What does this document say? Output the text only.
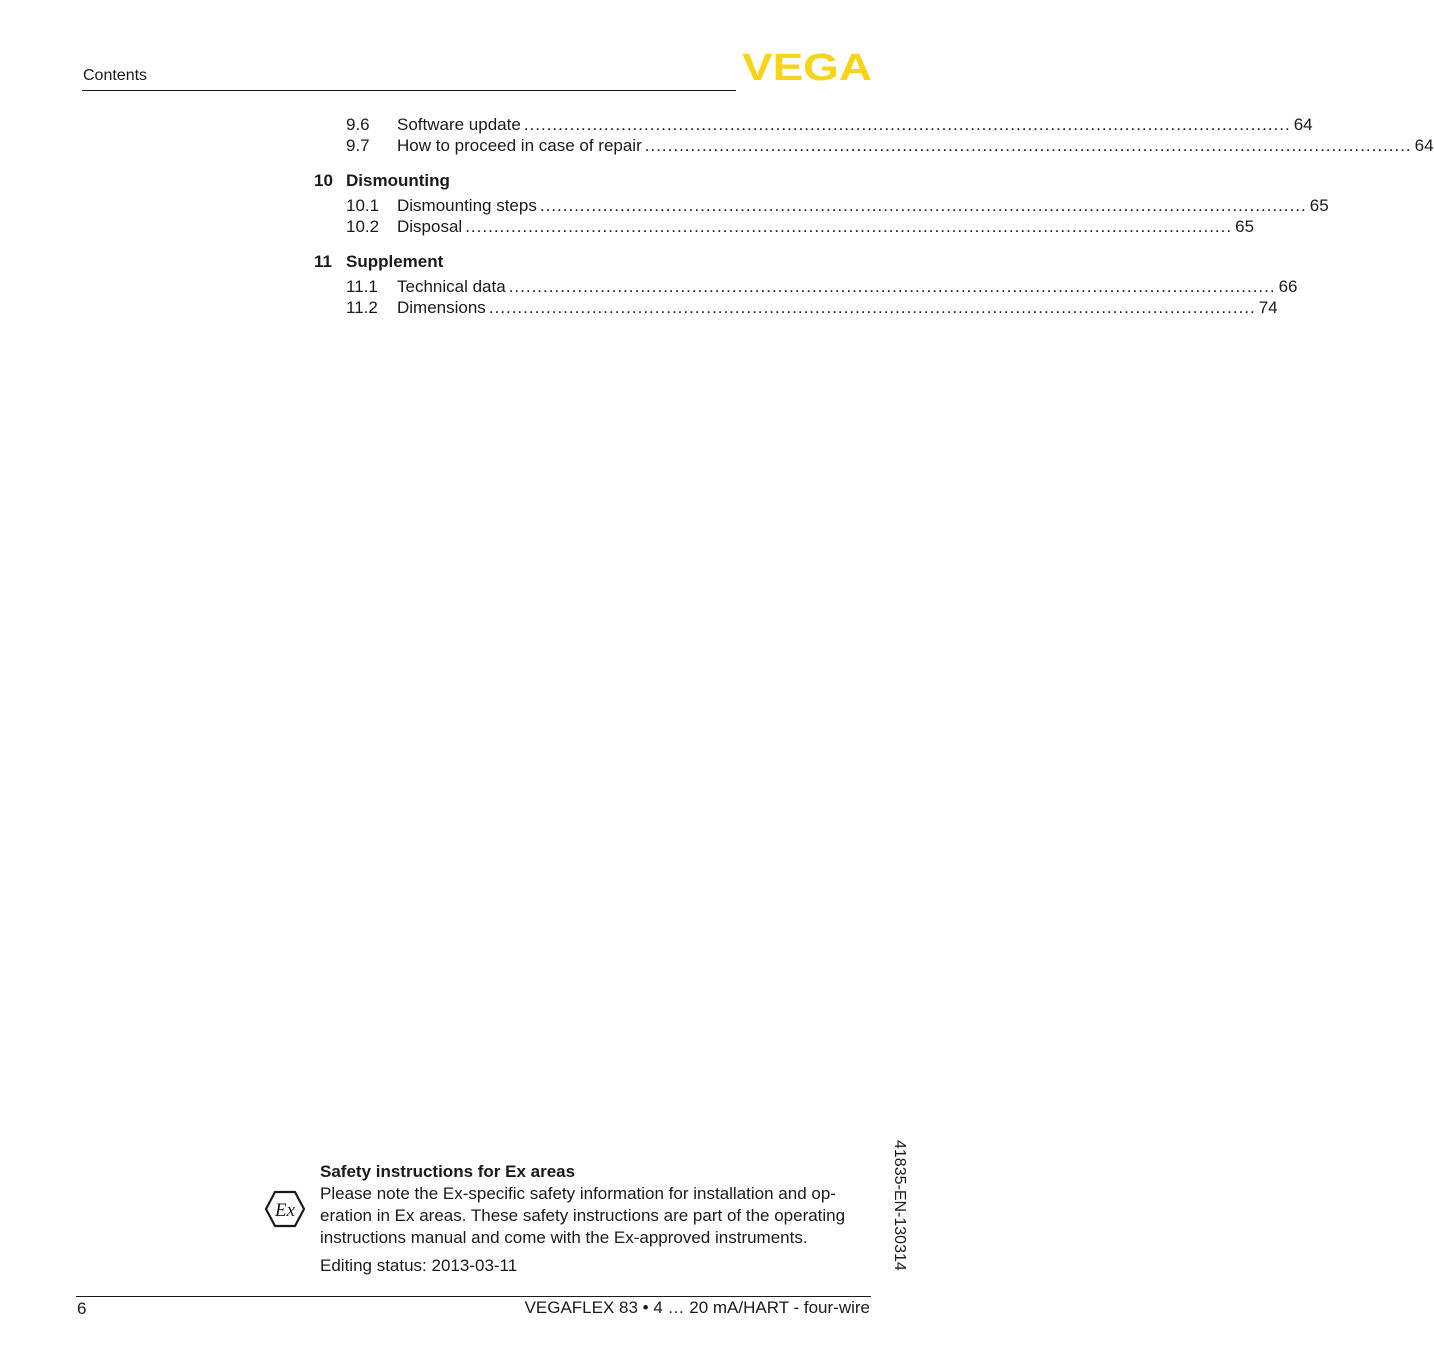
Contents	VEGA
9.6	Software update ...................................................................................................................................... 64
9.7	How to proceed in case of repair ...................................................................................................................................... 64
10 Dismounting
10.1	Dismounting steps ...................................................................................................................................... 65
10.2	Disposal ...................................................................................................................................... 65
11 Supplement
11.1	Technical data ...................................................................................................................................... 66
11.2	Dimensions ...................................................................................................................................... 74
Ex
Safety instructions for Ex areas
Please note the Ex-specific safety information for installation and op-
eration in Ex areas. These safety instructions are part of the operating
instructions manual and come with the Ex-approved instruments.
Editing status: 2013-03-11	41835-EN-130314
6	VEGAFLEX 83 • 4 … 20 mA/HART - four-wire
